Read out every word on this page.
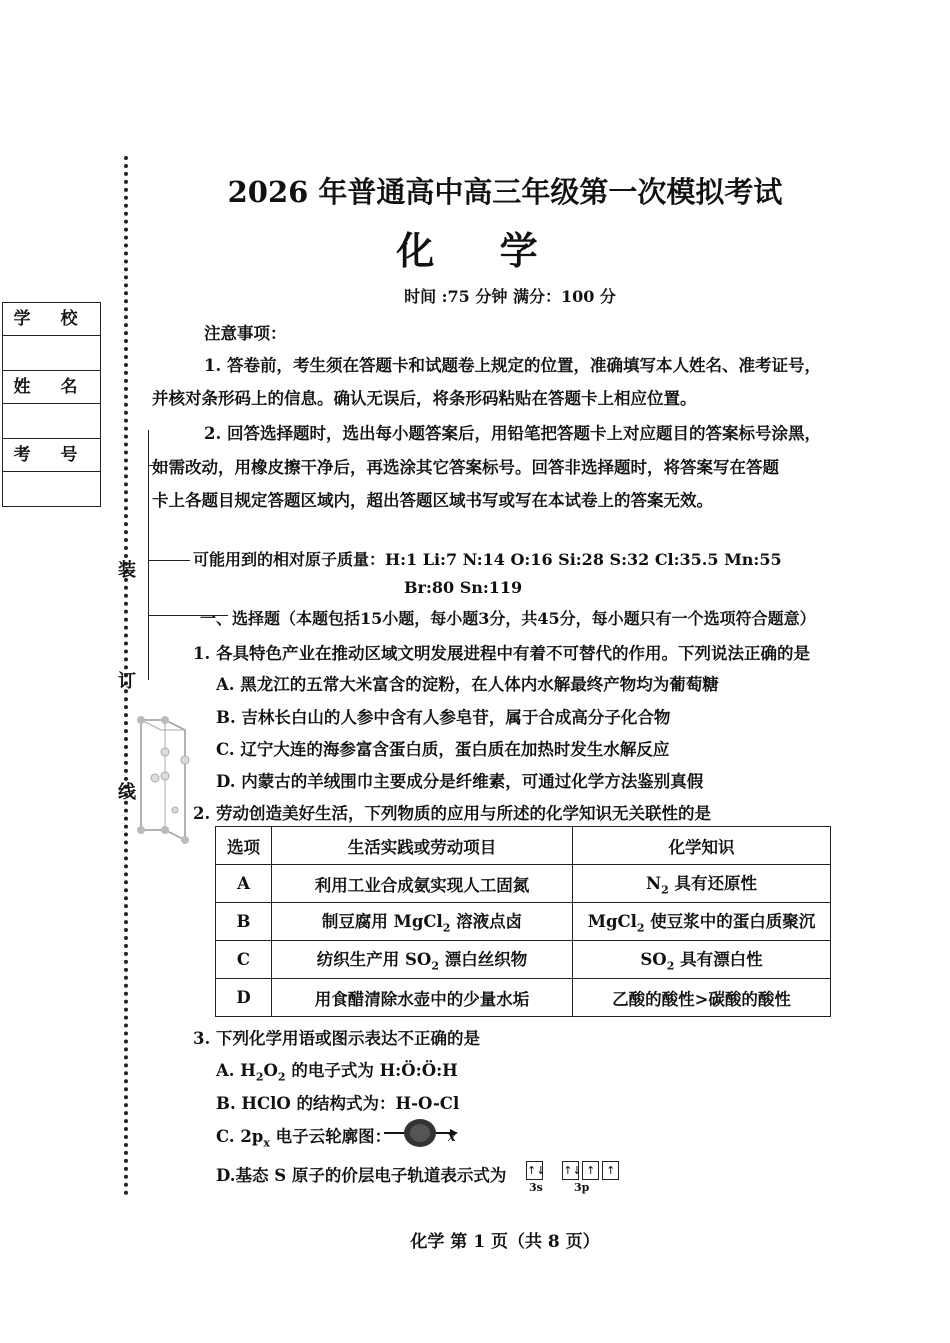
学 校
姓 名
考 号
装
订
线
2026 年普通高中高三年级第一次模拟考试
化 学
时间 :75 分钟 满分：100 分
注意事项：
1. 答卷前，考生须在答题卡和试题卷上规定的位置，准确填写本人姓名、准考证号，
并核对条形码上的信息。确认无误后，将条形码粘贴在答题卡上相应位置。
2. 回答选择题时，选出每小题答案后，用铅笔把答题卡上对应题目的答案标号涂黑，
如需改动，用橡皮擦干净后，再选涂其它答案标号。回答非选择题时，将答案写在答题
卡上各题目规定答题区域内，超出答题区域书写或写在本试卷上的答案无效。
可能用到的相对原子质量：H:1 Li:7 N:14 O:16 Si:28 S:32 Cl:35.5 Mn:55
Br:80 Sn:119
一、选择题（本题包括15小题，每小题3分，共45分，每小题只有一个选项符合题意）
1. 各具特色产业在推动区域文明发展进程中有着不可替代的作用。下列说法正确的是
A. 黑龙江的五常大米富含的淀粉，在人体内水解最终产物均为葡萄糖
B. 吉林长白山的人参中含有人参皂苷，属于合成高分子化合物
C. 辽宁大连的海参富含蛋白质，蛋白质在加热时发生水解反应
D. 内蒙古的羊绒围巾主要成分是纤维素，可通过化学方法鉴别真假
2. 劳动创造美好生活，下列物质的应用与所述的化学知识无关联性的是
选项	生活实践或劳动项目	化学知识
A	利用工业合成氨实现人工固氮	$N_2$ 具有还原性
B	制豆腐用 MgCl$_2$ 溶液点卤	MgCl$_2$ 使豆浆中的蛋白质聚沉
C	纺织生产用 $SO_2$ 漂白丝织物	$SO_2$ 具有漂白性
D	用食醋清除水壶中的少量水垢	乙酸的酸性>碳酸的酸性
3. 下列化学用语或图示表达不正确的是
A. $H_2O_2$ 的电子式为 H:Ö:Ö:H
B. HClO 的结构式为：H-O-Cl
C. $2p_x$ 电子云轮廓图：	x
D.基态 S 原子的价层电子轨道表示式为 ↑↓ ↑↓ ↑ ↑
3s	3p
化学 第 1 页（共 8 页）
